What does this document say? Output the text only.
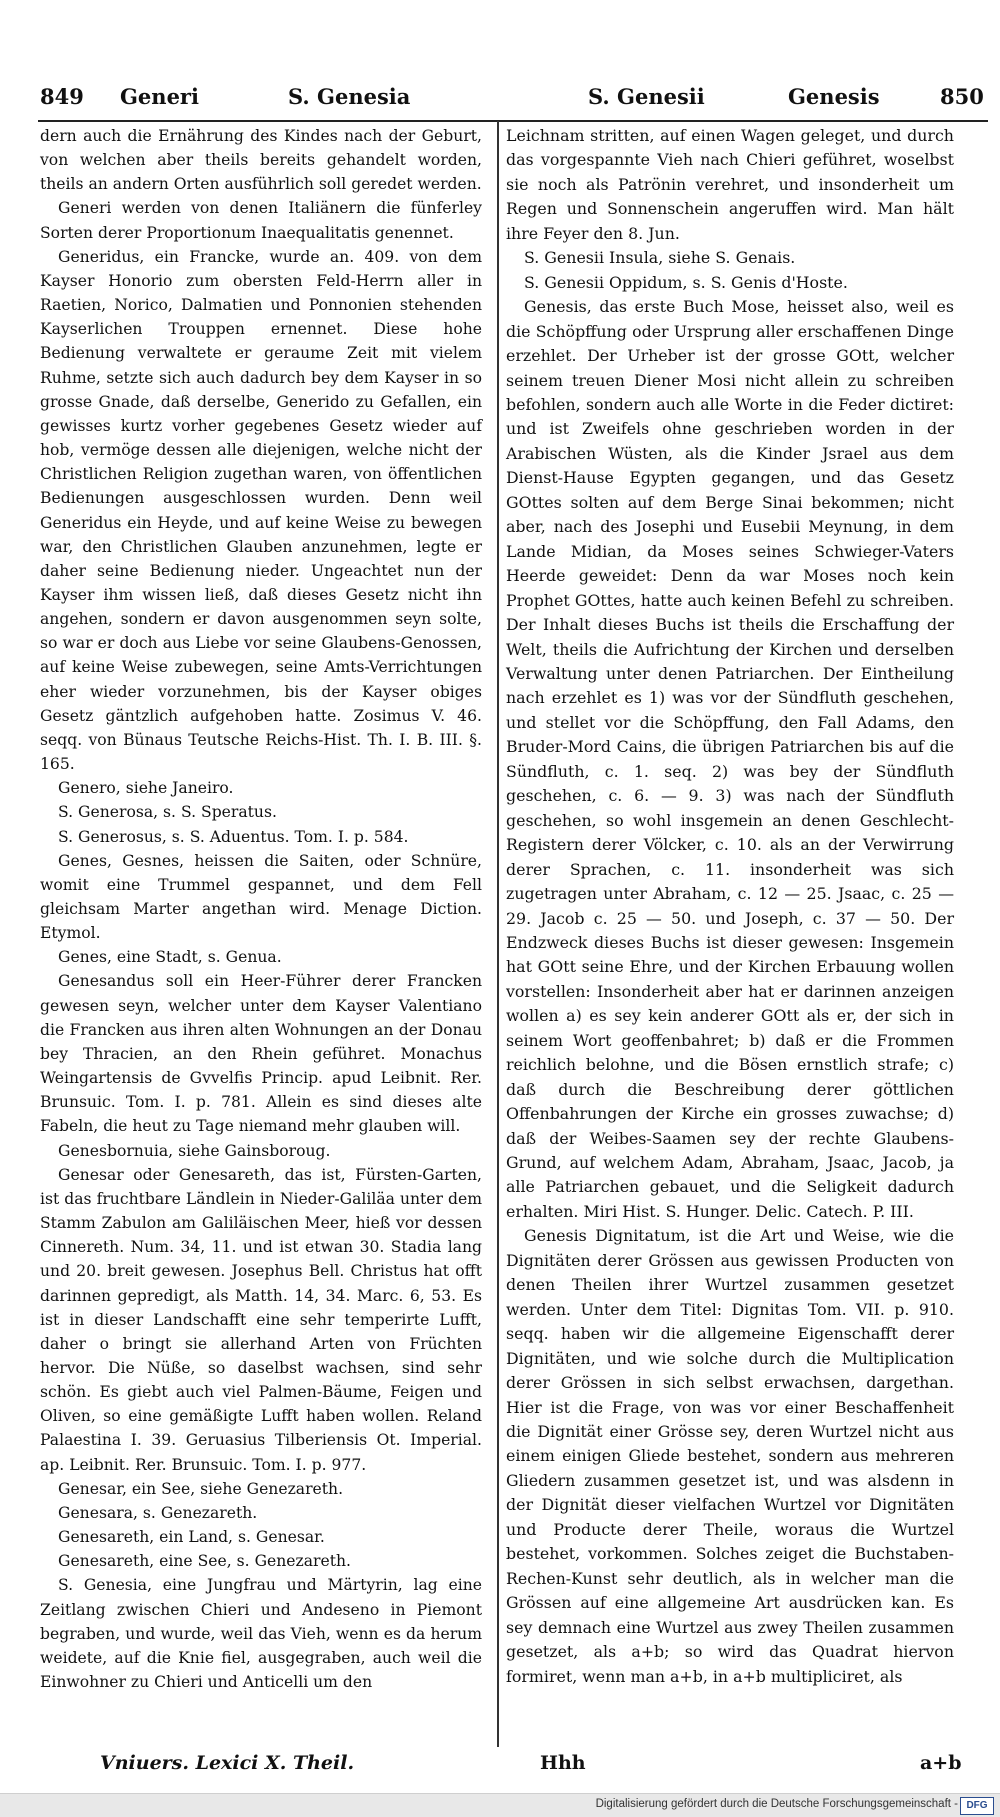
849 Generi	S. Genesia	S. Genesii	Genesis	850

dern auch die Ernährung des Kindes nach der Geburt, von welchen aber theils bereits gehandelt worden, theils an andern Orten ausführlich soll geredet werden.

Generi werden von denen Italiänern die fünferley Sorten derer Proportionum Inaequalitatis genennet.

Generidus, ein Francke, wurde an. 409. von dem Kayser Honorio zum obersten Feld-Herrn aller in Raetien, Norico, Dalmatien und Ponnonien stehenden Kayserlichen Trouppen ernennet. Diese hohe Bedienung verwaltete er geraume Zeit mit vielem Ruhme, setzte sich auch dadurch bey dem Kayser in so grosse Gnade, daß derselbe, Generido zu Gefallen, ein gewisses kurtz vorher gegebenes Gesetz wieder auf hob, vermöge dessen alle diejenigen, welche nicht der Christlichen Religion zugethan waren, von öffentlichen Bedienungen ausgeschlossen wurden. Denn weil Generidus ein Heyde, und auf keine Weise zu bewegen war, den Christlichen Glauben anzunehmen, legte er daher seine Bedienung nieder. Ungeachtet nun der Kayser ihm wissen ließ, daß dieses Gesetz nicht ihn angehen, sondern er davon ausgenommen seyn solte, so war er doch aus Liebe vor seine Glaubens-Genossen, auf keine Weise zubewegen, seine Amts-Verrichtungen eher wieder vorzunehmen, bis der Kayser obiges Gesetz gäntzlich aufgehoben hatte. Zosimus V. 46. seqq. von Bünaus Teutsche Reichs-Hist. Th. I. B. III. §. 165.

Genero, siehe Janeiro.

S. Generosa, s. S. Speratus.

S. Generosus, s. S. Aduentus. Tom. I. p. 584.

Genes, Gesnes, heissen die Saiten, oder Schnüre, womit eine Trummel gespannet, und dem Fell gleichsam Marter angethan wird. Menage Diction. Etymol.

Genes, eine Stadt, s. Genua.

Genesandus soll ein Heer-Führer derer Francken gewesen seyn, welcher unter dem Kayser Valentiano die Francken aus ihren alten Wohnungen an der Donau bey Thracien, an den Rhein geführet. Monachus Weingartensis de Gvvelfis Princip. apud Leibnit. Rer. Brunsuic. Tom. I. p. 781. Allein es sind dieses alte Fabeln, die heut zu Tage niemand mehr glauben will.

Genesbornuia, siehe Gainsboroug.

Genesar oder Genesareth, das ist, Fürsten-Garten, ist das fruchtbare Ländlein in Nieder-Galiläa unter dem Stamm Zabulon am Galiläischen Meer, hieß vor dessen Cinnereth. Num. 34, 11. und ist etwan 30. Stadia lang und 20. breit gewesen. Josephus Bell. Christus hat offt darinnen gepredigt, als Matth. 14, 34. Marc. 6, 53. Es ist in dieser Landschafft eine sehr temperirte Lufft, daher o bringt sie allerhand Arten von Früchten hervor. Die Nüße, so daselbst wachsen, sind sehr schön. Es giebt auch viel Palmen-Bäume, Feigen und Oliven, so eine gemäßigte Lufft haben wollen. Reland Palaestina I. 39. Geruasius Tilberiensis Ot. Imperial. ap. Leibnit. Rer. Brunsuic. Tom. I. p. 977.

Genesar, ein See, siehe Genezareth.

Genesara, s. Genezareth.

Genesareth, ein Land, s. Genesar.

Genesareth, eine See, s. Genezareth.

S. Genesia, eine Jungfrau und Märtyrin, lag eine Zeitlang zwischen Chieri und Andeseno in Piemont begraben, und wurde, weil das Vieh, wenn es da herum weidete, auf die Knie fiel, ausgegraben, auch weil die Einwohner zu Chieri und Anticelli um den

Leichnam stritten, auf einen Wagen geleget, und durch das vorgespannte Vieh nach Chieri geführet, woselbst sie noch als Patrönin verehret, und insonderheit um Regen und Sonnenschein angeruffen wird. Man hält ihre Feyer den 8. Jun.

S. Genesii Insula, siehe S. Genais.

S. Genesii Oppidum, s. S. Genis d'Hoste.

Genesis, das erste Buch Mose, heisset also, weil es die Schöpffung oder Ursprung aller erschaffenen Dinge erzehlet. Der Urheber ist der grosse GOtt, welcher seinem treuen Diener Mosi nicht allein zu schreiben befohlen, sondern auch alle Worte in die Feder dictiret: und ist Zweifels ohne geschrieben worden in der Arabischen Wüsten, als die Kinder Jsrael aus dem Dienst-Hause Egypten gegangen, und das Gesetz GOttes solten auf dem Berge Sinai bekommen; nicht aber, nach des Josephi und Eusebii Meynung, in dem Lande Midian, da Moses seines Schwieger-Vaters Heerde geweidet: Denn da war Moses noch kein Prophet GOttes, hatte auch keinen Befehl zu schreiben. Der Inhalt dieses Buchs ist theils die Erschaffung der Welt, theils die Aufrichtung der Kirchen und derselben Verwaltung unter denen Patriarchen. Der Eintheilung nach erzehlet es 1) was vor der Sündfluth geschehen, und stellet vor die Schöpffung, den Fall Adams, den Bruder-Mord Cains, die übrigen Patriarchen bis auf die Sündfluth, c. 1. seq. 2) was bey der Sündfluth geschehen, c. 6. — 9. 3) was nach der Sündfluth geschehen, so wohl insgemein an denen Geschlecht-Registern derer Völcker, c. 10. als an der Verwirrung derer Sprachen, c. 11. insonderheit was sich zugetragen unter Abraham, c. 12 — 25. Jsaac, c. 25 — 29. Jacob c. 25 — 50. und Joseph, c. 37 — 50. Der Endzweck dieses Buchs ist dieser gewesen: Insgemein hat GOtt seine Ehre, und der Kirchen Erbauung wollen vorstellen: Insonderheit aber hat er darinnen anzeigen wollen a) es sey kein anderer GOtt als er, der sich in seinem Wort geoffenbahret; b) daß er die Frommen reichlich belohne, und die Bösen ernstlich strafe; c) daß durch die Beschreibung derer göttlichen Offenbahrungen der Kirche ein grosses zuwachse; d) daß der Weibes-Saamen sey der rechte Glaubens-Grund, auf welchem Adam, Abraham, Jsaac, Jacob, ja alle Patriarchen gebauet, und die Seligkeit dadurch erhalten. Miri Hist. S. Hunger. Delic. Catech. P. III.

Genesis Dignitatum, ist die Art und Weise, wie die Dignitäten derer Grössen aus gewissen Producten von denen Theilen ihrer Wurtzel zusammen gesetzet werden. Unter dem Titel: Dignitas Tom. VII. p. 910. seqq. haben wir die allgemeine Eigenschafft derer Dignitäten, und wie solche durch die Multiplication derer Grössen in sich selbst erwachsen, dargethan. Hier ist die Frage, von was vor einer Beschaffenheit die Dignität einer Grösse sey, deren Wurtzel nicht aus einem einigen Gliede bestehet, sondern aus mehreren Gliedern zusammen gesetzet ist, und was alsdenn in der Dignität dieser vielfachen Wurtzel vor Dignitäten und Producte derer Theile, woraus die Wurtzel bestehet, vorkommen. Solches zeiget die Buchstaben-Rechen-Kunst sehr deutlich, als in welcher man die Grössen auf eine allgemeine Art ausdrücken kan. Es sey demnach eine Wurtzel aus zwey Theilen zusammen gesetzet, als a+b; so wird das Quadrat hiervon formiret, wenn man a+b, in a+b multipliciret, als

Vniuers. Lexici X. Theil.	Hhh	a+b
Digitalisierung gefördert durch die Deutsche Forschungsgemeinschaft - DFG
